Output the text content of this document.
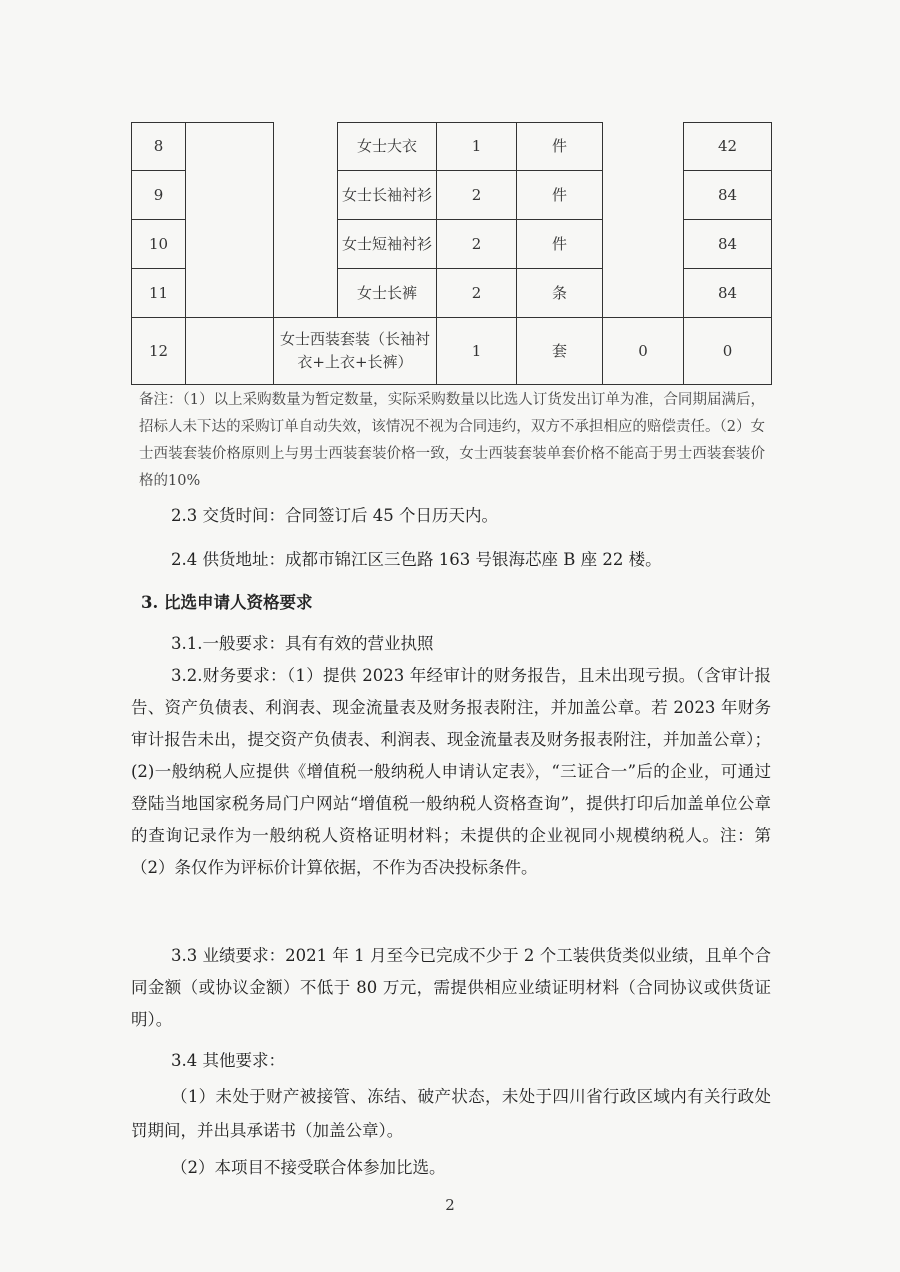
8			女士大衣	1	件		42
9			女士长袖衬衫	2	件		84
10			女士短袖衬衫	2	件		84
11			女士长裤	2	条		84
12		女士西装套装（长袖衬衣+上衣+长裤）		1	套	0	0
备注：（1）以上采购数量为暂定数量，实际采购数量以比选人订货发出订单为准，合同期届满后，招标人未下达的采购订单自动失效，该情况不视为合同违约，双方不承担相应的赔偿责任。（2）女士西装套装价格原则上与男士西装套装价格一致，女士西装套装单套价格不能高于男士西装套装价格的10%
2.3 交货时间：合同签订后 45 个日历天内。
2.4 供货地址：成都市锦江区三色路 163 号银海芯座 B 座 22 楼。
3. 比选申请人资格要求
3.1.一般要求：具有有效的营业执照
3.2.财务要求：（1）提供 2023 年经审计的财务报告，且未出现亏损。（含审计报告、资产负债表、利润表、现金流量表及财务报表附注，并加盖公章。若 2023 年财务审计报告未出，提交资产负债表、利润表、现金流量表及财务报表附注，并加盖公章）；(2)一般纳税人应提供《增值税一般纳税人申请认定表》，“三证合一”后的企业，可通过登陆当地国家税务局门户网站“增值税一般纳税人资格查询”，提供打印后加盖单位公章的查询记录作为一般纳税人资格证明材料；未提供的企业视同小规模纳税人。注：第（2）条仅作为评标价计算依据，不作为否决投标条件。
3.3 业绩要求：2021 年 1 月至今已完成不少于 2 个工装供货类似业绩，且单个合同金额（或协议金额）不低于 80 万元，需提供相应业绩证明材料（合同协议或供货证明）。
3.4 其他要求：
（1）未处于财产被接管、冻结、破产状态，未处于四川省行政区域内有关行政处罚期间，并出具承诺书（加盖公章）。
（2）本项目不接受联合体参加比选。
2
